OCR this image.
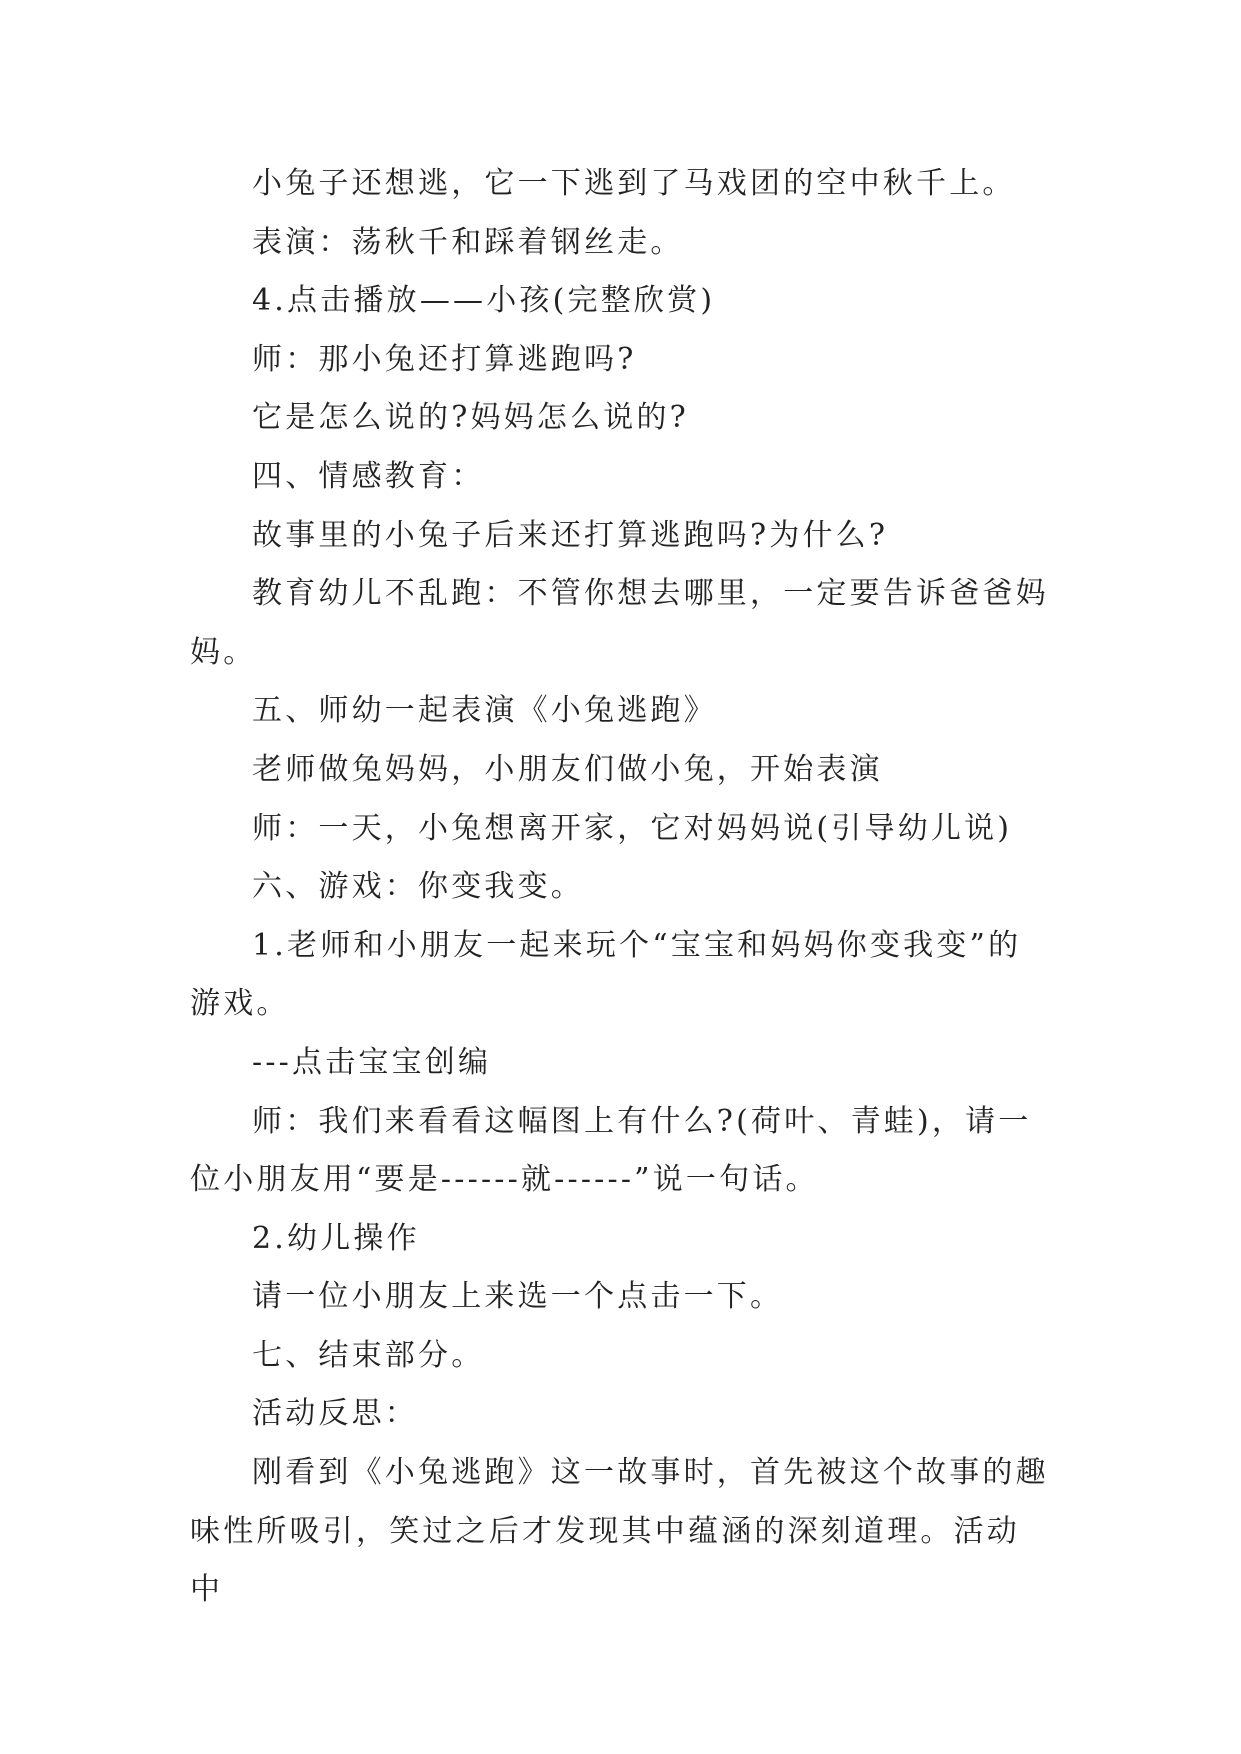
小兔子还想逃，它一下逃到了马戏团的空中秋千上。

表演：荡秋千和踩着钢丝走。

4.点击播放——小孩(完整欣赏)

师：那小兔还打算逃跑吗?

它是怎么说的?妈妈怎么说的?

四、情感教育：

故事里的小兔子后来还打算逃跑吗?为什么?

教育幼儿不乱跑：不管你想去哪里，一定要告诉爸爸妈妈。

五、师幼一起表演《小兔逃跑》

老师做兔妈妈，小朋友们做小兔，开始表演

师：一天，小兔想离开家，它对妈妈说(引导幼儿说)

六、游戏：你变我变。

1.老师和小朋友一起来玩个“宝宝和妈妈你变我变”的游戏。

---点击宝宝创编

师：我们来看看这幅图上有什么?(荷叶、青蛙)，请一位小朋友用“要是------就------”说一句话。

2.幼儿操作

请一位小朋友上来选一个点击一下。

七、结束部分。

活动反思：

刚看到《小兔逃跑》这一故事时，首先被这个故事的趣味性所吸引，笑过之后才发现其中蕴涵的深刻道理。活动中
